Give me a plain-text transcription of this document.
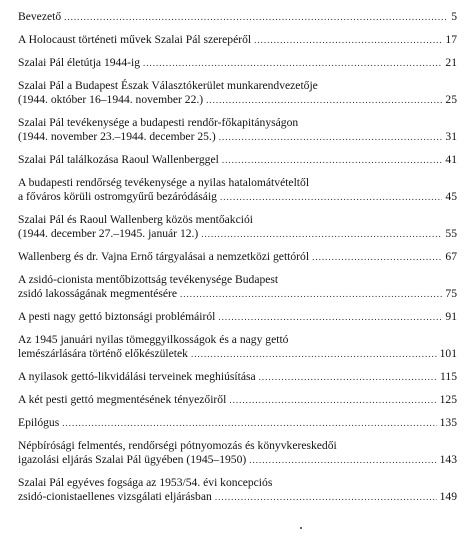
Bevezető .....	5
A Holocaust történeti művek Szalai Pál szerepéről .....	17
Szalai Pál életútja 1944-ig .....	21
Szalai Pál a Budapest Észak Választókerület munkarendvezetője
(1944. október 16–1944. november 22.) .....	25
Szalai Pál tevékenysége a budapesti rendőr-főkapitányságon
(1944. november 23.–1944. december 25.) .....	31
Szalai Pál találkozása Raoul Wallenberggel .....	41
A budapesti rendőrség tevékenysége a nyilas hatalomátvételtől
a főváros körüli ostromgyűrű bezáródásáig .....	45
Szalai Pál és Raoul Wallenberg közös mentőakciói
(1944. december 27.–1945. január 12.) .....	55
Wallenberg és dr. Vajna Ernő tárgyalásai a nemzetközi gettóról .....	67
A zsidó-cionista mentőbizottság tevékenysége Budapest
zsidó lakosságának megmentésére .....	75
A pesti nagy gettó biztonsági problémáiról .....	91
Az 1945 januári nyilas tömeggyilkosságok és a nagy gettó
lemészárlására történő előkészületek .....	101
A nyilasok gettó-likvidálási terveinek meghiúsítása .....	115
A két pesti gettó megmentésének tényezőiről .....	125
Epilógus .....	135
Népbírósági felmentés, rendőrségi pótnyomozás és könyvkereskedői
igazolási eljárás Szalai Pál ügyében (1945–1950) .....	143
Szalai Pál egyéves fogsága az 1953/54. évi koncepciós
zsidó-cionistaellenes vizsgálati eljárásban .....	149
